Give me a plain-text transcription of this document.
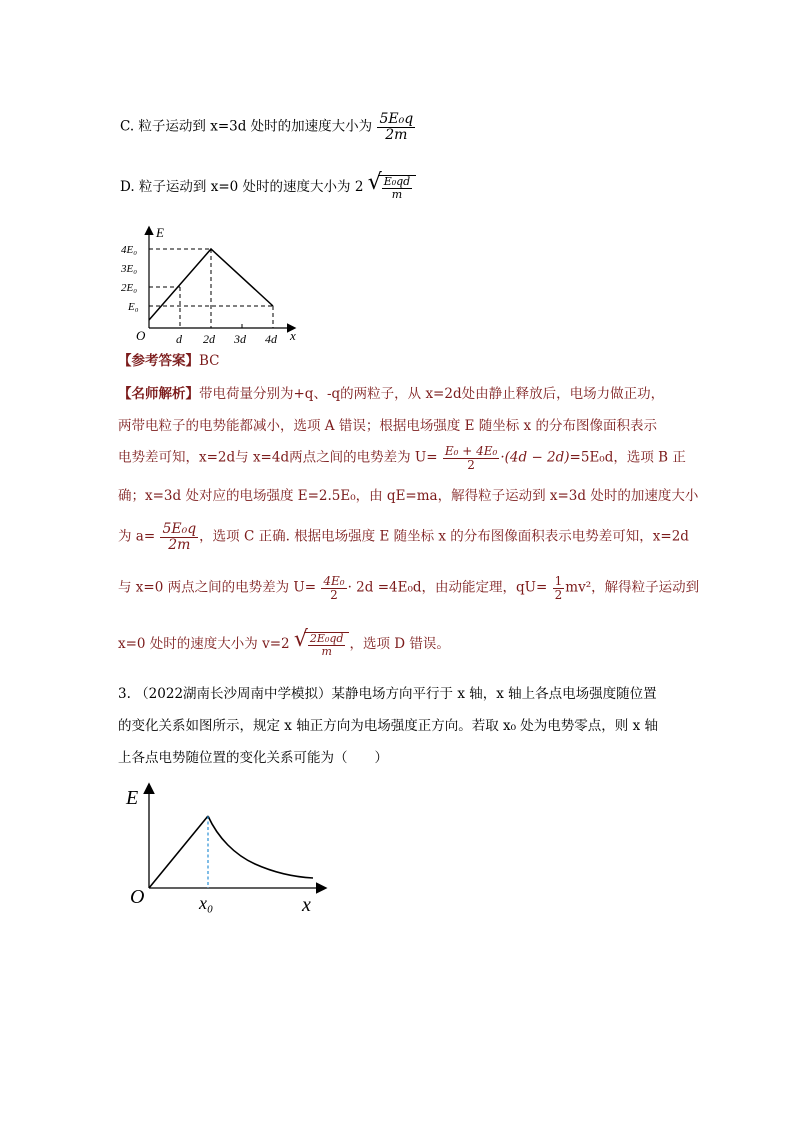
C. 粒子运动到 x=3d 处时的加速度大小为 $\frac{\text{5E₀q}}{2m}$
D. 粒子运动到 x=0 处时的速度大小为 2 √ $\frac{\text{E₀qd}}{m}$
E
x
O
4E₀
3E₀
2E₀
E₀
d 2d 3d 4d
【参考答案】BC
【名师解析】带电荷量分别为+q、-q的两粒子，从 x=2d处由静止释放后，电场力做正功，
两带电粒子的电势能都减小，选项 A 错误；根据电场强度 E 随坐标 x 的分布图像面积表示
电势差可知，x=2d与 x=4d两点之间的电势差为 $U= \frac{\text{E₀ + 4E₀}}{2} \cdot(4d - 2d)=5E_0d$，选项 B 正
确；x=3d 处对应的电场强度 E=2.5E₀，由 qE=ma，解得粒子运动到 x=3d 处时的加速度大小
为 $a= \frac{\text{5E₀q}}{2m}$ ，选项 C 正确. 根据电场强度 E 随坐标 x 的分布图像面积表示电势差可知，x=2d
与 x=0 两点之间的电势差为 $U= \frac{\text{4E₀}}{2} \cdot 2d =4E_0d$，由动能定理，$qU= \frac{1}{2} mv^2$，解得粒子运动到
x=0 处时的速度大小为 v=2 √ $\frac{\text{2E₀qd}}{m}$ ，选项 D 错误。
3. （2022湖南长沙周南中学模拟）某静电场方向平行于 x 轴，x 轴上各点电场强度随位置
的变化关系如图所示，规定 x 轴正方向为电场强度正方向。若取 x₀ 处为电势零点，则 x 轴
上各点电势随位置的变化关系可能为（　　）
E
x
O	x₀
